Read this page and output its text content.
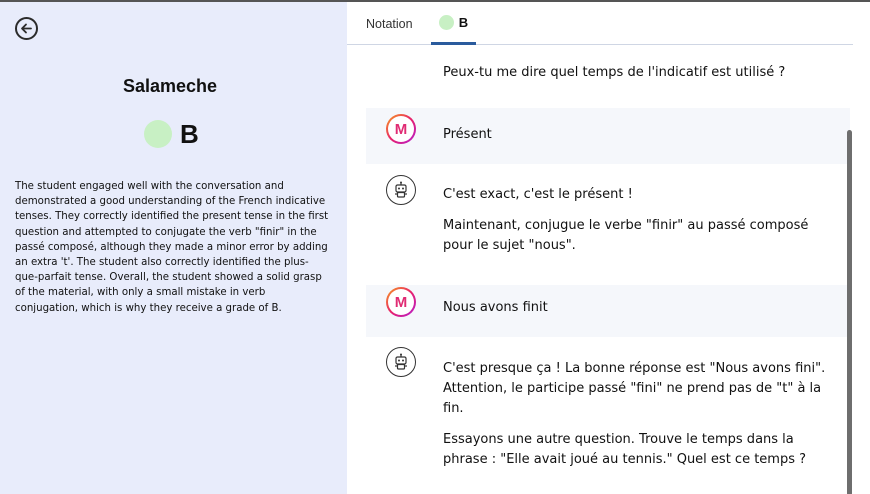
Salameche
B
The student engaged well with the conversation and demonstrated a good understanding of the French indicative tenses. They correctly identified the present tense in the first question and attempted to conjugate the verb "finir" in the passé composé, although they made a minor error by adding an extra 't'. The student also correctly identified the plus-que-parfait tense. Overall, the student showed a solid grasp of the material, with only a small mistake in verb conjugation, which is why they receive a grade of B.
Notation	B

Peux-tu me dire quel temps de l'indicatif est utilisé ?

M	Présent

C'est exact, c'est le présent !

Maintenant, conjugue le verbe "finir" au passé composé pour le sujet "nous".

M	Nous avons finit

C'est presque ça ! La bonne réponse est "Nous avons fini". Attention, le participe passé "fini" ne prend pas de "t" à la fin.

Essayons une autre question. Trouve le temps dans la phrase : "Elle avait joué au tennis." Quel est ce temps ?
